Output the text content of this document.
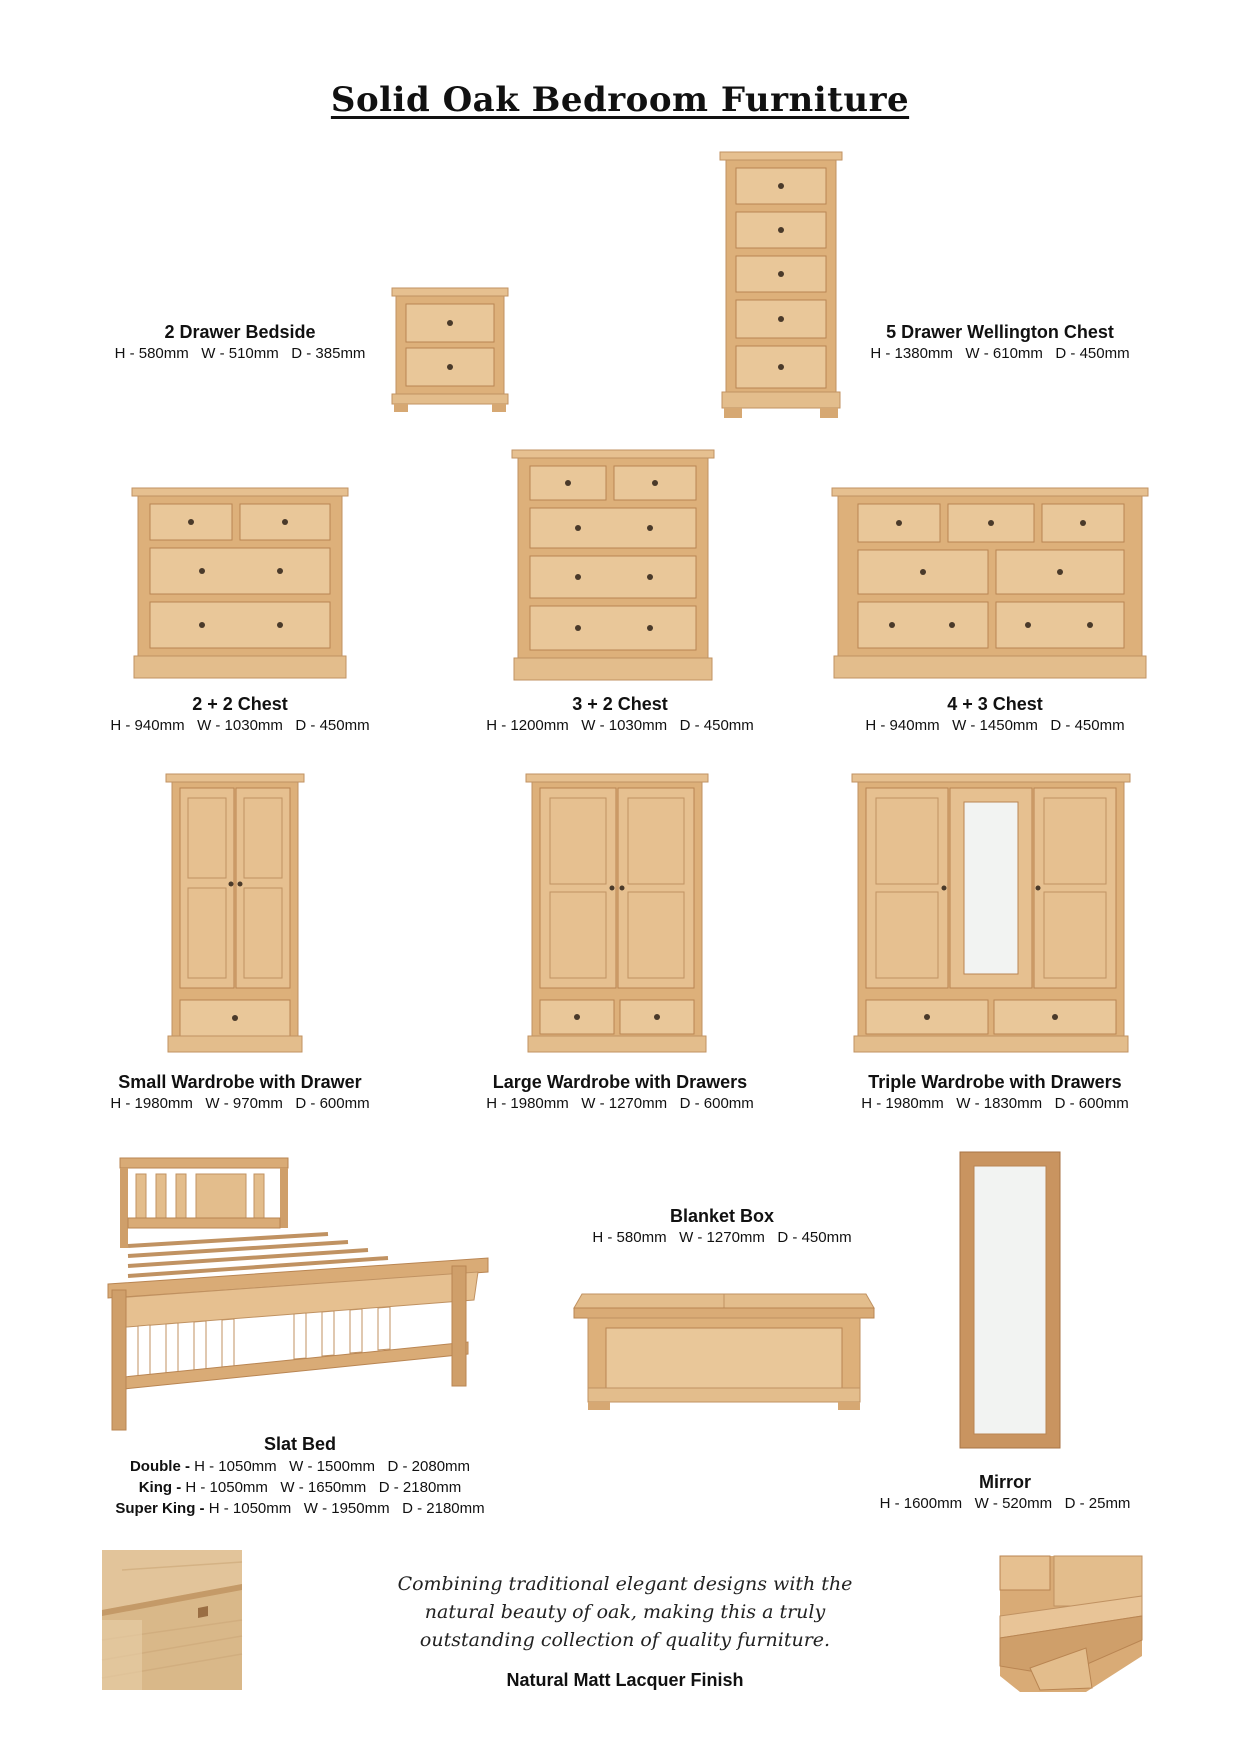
Solid Oak Bedroom Furniture
2 Drawer Bedside
H - 580mm   W - 510mm   D - 385mm
5 Drawer Wellington Chest
H - 1380mm   W - 610mm   D - 450mm
2 + 2 Chest
H - 940mm   W - 1030mm   D - 450mm
3 + 2 Chest
H - 1200mm   W - 1030mm   D - 450mm
4 + 3 Chest
H - 940mm   W - 1450mm   D - 450mm
Small Wardrobe with Drawer
H - 1980mm   W - 970mm   D - 600mm
Large Wardrobe with Drawers
H - 1980mm   W - 1270mm   D - 600mm
Triple Wardrobe with Drawers
H - 1980mm   W - 1830mm   D - 600mm
Slat Bed
Double - H - 1050mm   W - 1500mm   D - 2080mm
King - H - 1050mm   W - 1650mm   D - 2180mm
Super King - H - 1050mm   W - 1950mm   D - 2180mm
Blanket Box
H - 580mm   W - 1270mm   D - 450mm
Mirror
H - 1600mm   W - 520mm   D - 25mm
Combining traditional elegant designs with the
natural beauty of oak, making this a truly
outstanding collection of quality furniture.
Natural Matt Lacquer Finish
